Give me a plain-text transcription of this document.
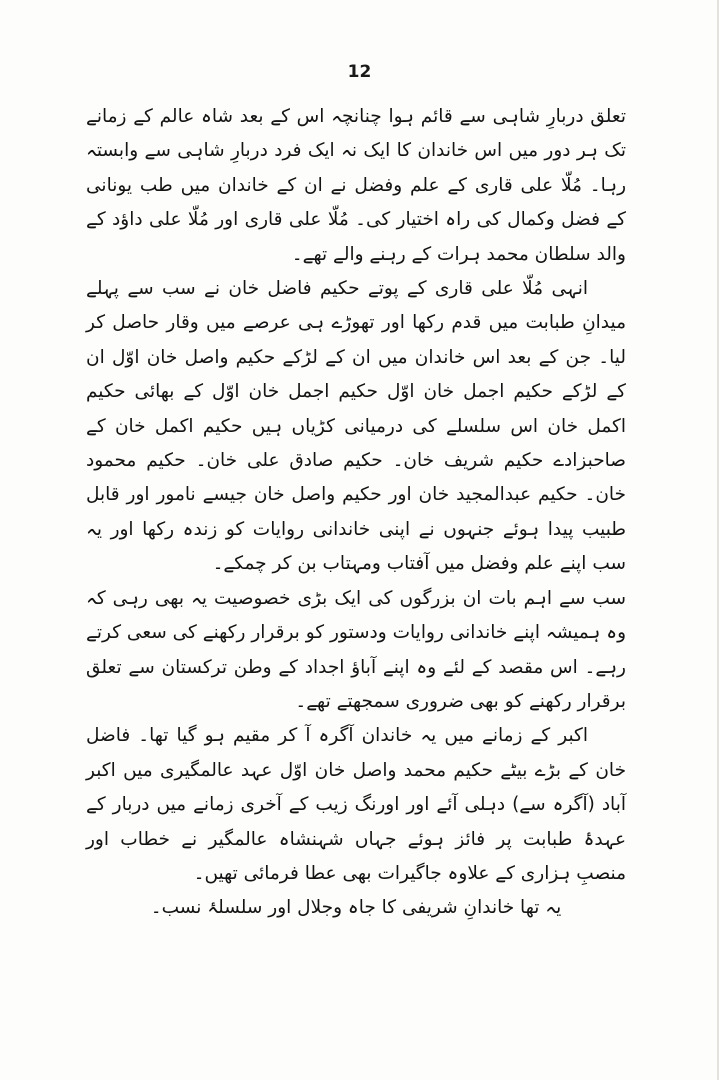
12

تعلق دربارِ شاہی سے قائم ہوا چنانچہ اس کے بعد شاہ عالم کے زمانے تک ہر دور میں اس خاندان کا ایک نہ ایک فرد دربارِ شاہی سے وابستہ رہا۔ مُلّا علی قاری کے علم وفضل نے ان کے خاندان میں طب یونانی کے فضل وکمال کی راہ اختیار کی۔ مُلّا علی قاری اور مُلّا علی داؤد کے والد سلطان محمد ہرات کے رہنے والے تھے۔

انہی مُلّا علی قاری کے پوتے حکیم فاضل خان نے سب سے پہلے میدانِ طبابت میں قدم رکھا اور تھوڑے ہی عرصے میں وقار حاصل کر لیا۔ جن کے بعد اس خاندان میں ان کے لڑکے حکیم واصل خان اوّل ان کے لڑکے حکیم اجمل خان اوّل حکیم اجمل خان اوّل کے بھائی حکیم اکمل خان اس سلسلے کی درمیانی کڑیاں ہیں حکیم اکمل خان کے صاحبزادے حکیم شریف خان۔ حکیم صادق علی خان۔ حکیم محمود خان۔ حکیم عبدالمجید خان اور حکیم واصل خان جیسے نامور اور قابل طبیب پیدا ہوئے جنہوں نے اپنی خاندانی روایات کو زندہ رکھا اور یہ سب اپنے علم وفضل میں آفتاب ومہتاب بن کر چمکے۔

سب سے اہم بات ان بزرگوں کی ایک بڑی خصوصیت یہ بھی رہی کہ وہ ہمیشہ اپنے خاندانی روایات ودستور کو برقرار رکھنے کی سعی کرتے رہے۔ اس مقصد کے لئے وہ اپنے آباؤ اجداد کے وطن ترکستان سے تعلق برقرار رکھنے کو بھی ضروری سمجھتے تھے۔

اکبر کے زمانے میں یہ خاندان آگرہ آ کر مقیم ہو گیا تھا۔ فاضل خان کے بڑے بیٹے حکیم محمد واصل خان اوّل عہد عالمگیری میں اکبر آباد (آگرہ سے) دہلی آئے اور اورنگ زیب کے آخری زمانے میں دربار کے عہدۂ طبابت پر فائز ہوئے جہاں شہنشاہ عالمگیر نے خطاب اور منصبِ ہزاری کے علاوہ جاگیرات بھی عطا فرمائی تھیں۔

یہ تھا خاندانِ شریفی کا جاہ وجلال اور سلسلۂ نسب۔
